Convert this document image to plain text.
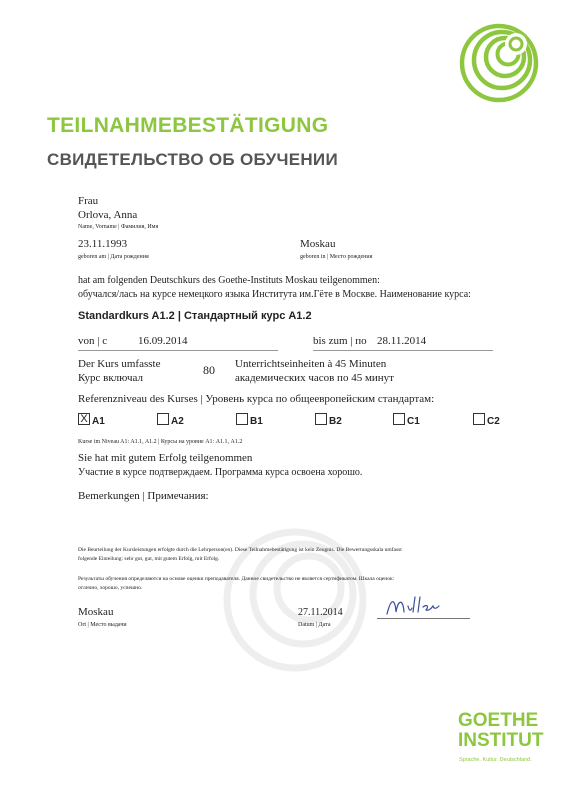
TEILNAHMEBESTÄTIGUNG
СВИДЕТЕЛЬСТВО ОБ ОБУЧЕНИИ
Frau
Orlova, Anna
Name, Vorname | Фамилия, Имя
23.11.1993
geboren am | Дата рождения
Moskau
geboren in | Место рождения
hat am folgenden Deutschkurs des Goethe-Instituts Moskau teilgenommen:
обучался/лась на курсе немецкого языка Института им.Гёте в Москве. Наименование курса:
Standardkurs A1.2 | Стандартный курс А1.2
von | с	16.09.2014	bis zum | по 28.11.2014
Der Kurs umfasste
Курс включал
80 Unterrichtseinheiten à 45 Minuten
академических часов по 45 минут
Referenzniveau des Kurses | Уровень курса по общеевропейским стандартам:
X A1	A2	B1	B2	C1	C2
Kurse im Niveau A1: A1.1, A1.2 | Курсы на уровне А1: А1.1, А1.2
Sie hat mit gutem Erfolg teilgenommen
Участие в курсе подтверждаем. Программа курса освоена хорошо.
Bemerkungen | Примечания:
Die Beurteilung der Kursleistungen erfolgte durch die Lehrperson(en). Diese Teilnahmebestätigung ist kein Zeugnis. Die Bewertungsskala umfasst
folgende Einteilung: sehr gut, gut, mit gutem Erfolg, mit Erfolg.
Результаты обучения определяются на основе оценки преподавателя. Данное свидетельство не является сертификатом. Шкала оценок:
отлично, хорошо, успешно.
Moskau
Ort | Место выдачи
27.11.2014
Datum | Дата
GOETHE
INSTITUT
Sprache. Kultur. Deutschland.
